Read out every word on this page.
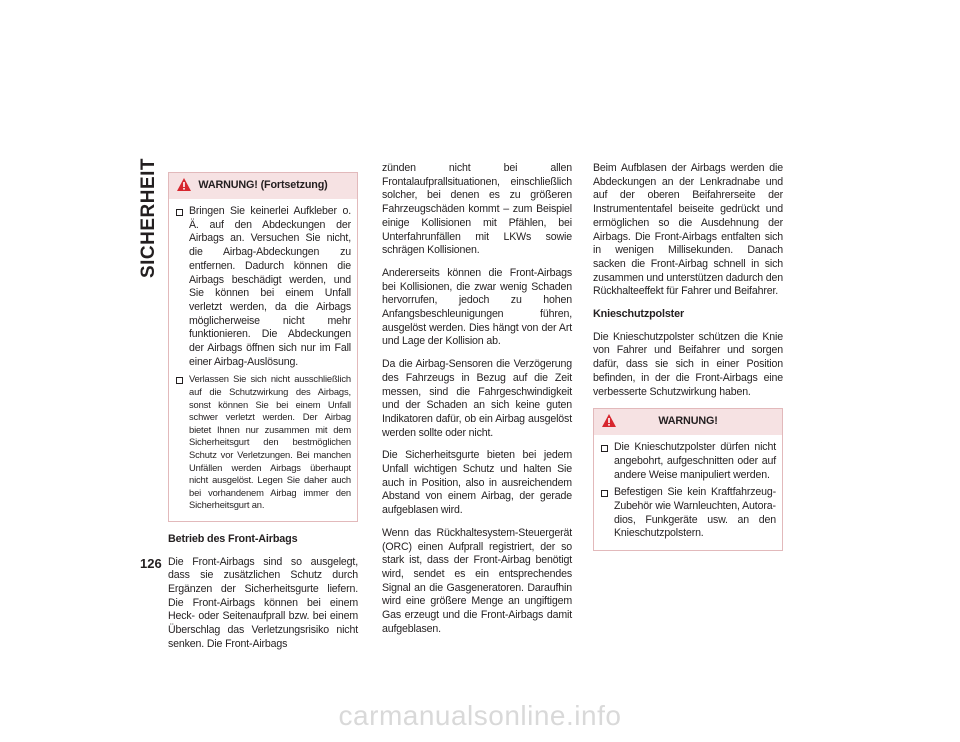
SICHERHEIT
126
WARNUNG! (Fortsetzung)
Bringen Sie keinerlei Aufkleber o. Ä. auf den Abdeckungen der Airbags an. Versuchen Sie nicht, die Airbag-Abdeckungen zu entfernen. Dadurch können die Airbags beschädigt werden, und Sie können bei einem Unfall verletzt werden, da die Airbags möglicherweise nicht mehr funktionieren. Die Abdeckungen der Airbags öffnen sich nur im Fall einer Airbag-Auslösung.
Verlassen Sie sich nicht ausschließlich auf die Schutzwirkung des Airbags, sonst können Sie bei einem Unfall schwer verletzt werden. Der Airbag bietet Ihnen nur zusammen mit dem Sicherheitsgurt den bestmöglichen Schutz vor Verletzungen. Bei manchen Unfällen werden Airbags überhaupt nicht ausgelöst. Legen Sie daher auch bei vorhandenem Airbag immer den Sicherheitsgurt an.
Betrieb des Front-Airbags

Die Front-Airbags sind so ausgelegt, dass sie zusätzlichen Schutz durch Ergänzen der Sicherheitsgurte liefern. Die Front-Airbags können bei einem Heck- oder Seitenaufprall bzw. bei einem Überschlag das Verletzungsrisiko nicht senken. Die Front-Airbags

zünden nicht bei allen Frontalaufprallsituationen, einschließlich solcher, bei denen es zu größeren Fahrzeugschäden kommt – zum Beispiel einige Kollisionen mit Pfählen, bei Unterfahrunfällen mit LKWs sowie schrägen Kollisionen.

Andererseits können die Front-Airbags bei Kollisionen, die zwar wenig Schaden hervorrufen, jedoch zu hohen Anfangsbeschleunigungen führen, ausgelöst werden. Dies hängt von der Art und Lage der Kollision ab.

Da die Airbag-Sensoren die Verzögerung des Fahrzeugs in Bezug auf die Zeit messen, sind die Fahrgeschwindigkeit und der Schaden an sich keine guten Indikatoren dafür, ob ein Airbag ausgelöst werden sollte oder nicht.

Die Sicherheitsgurte bieten bei jedem Unfall wichtigen Schutz und halten Sie auch in Position, also in ausreichendem Abstand von einem Airbag, der gerade aufgeblasen wird.

Wenn das Rückhaltesystem-Steuergerät (ORC) einen Aufprall registriert, der so stark ist, dass der Front-Airbag benötigt wird, sendet es ein entsprechendes Signal an die Gasgeneratoren. Daraufhin wird eine größere Menge an ungiftigem Gas erzeugt und die Front-Airbags damit aufgeblasen.

Beim Aufblasen der Airbags werden die Abdeckungen an der Lenkradnabe und auf der oberen Beifahrerseite der Instrumententafel beiseite gedrückt und ermöglichen so die Ausdehnung der Airbags. Die Front-Airbags entfalten sich in wenigen Millisekunden. Danach sacken die Front-Airbag schnell in sich zusammen und unterstützen dadurch den Rückhalteeffekt für Fahrer und Beifahrer.

Knieschutzpolster

Die Knieschutzpolster schützen die Knie von Fahrer und Beifahrer und sorgen dafür, dass sie sich in einer Position befinden, in der die Front-Airbags eine verbesserte Schutzwirkung haben.

WARNUNG!
Die Knieschutzpolster dürfen nicht angebohrt, aufgeschnitten oder auf andere Weise manipuliert werden.
Befestigen Sie kein Kraftfahrzeug-Zubehör wie Warnleuchten, Autoradios, Funkgeräte usw. an den Knieschutzpolstern.
carmanualsonline.info
